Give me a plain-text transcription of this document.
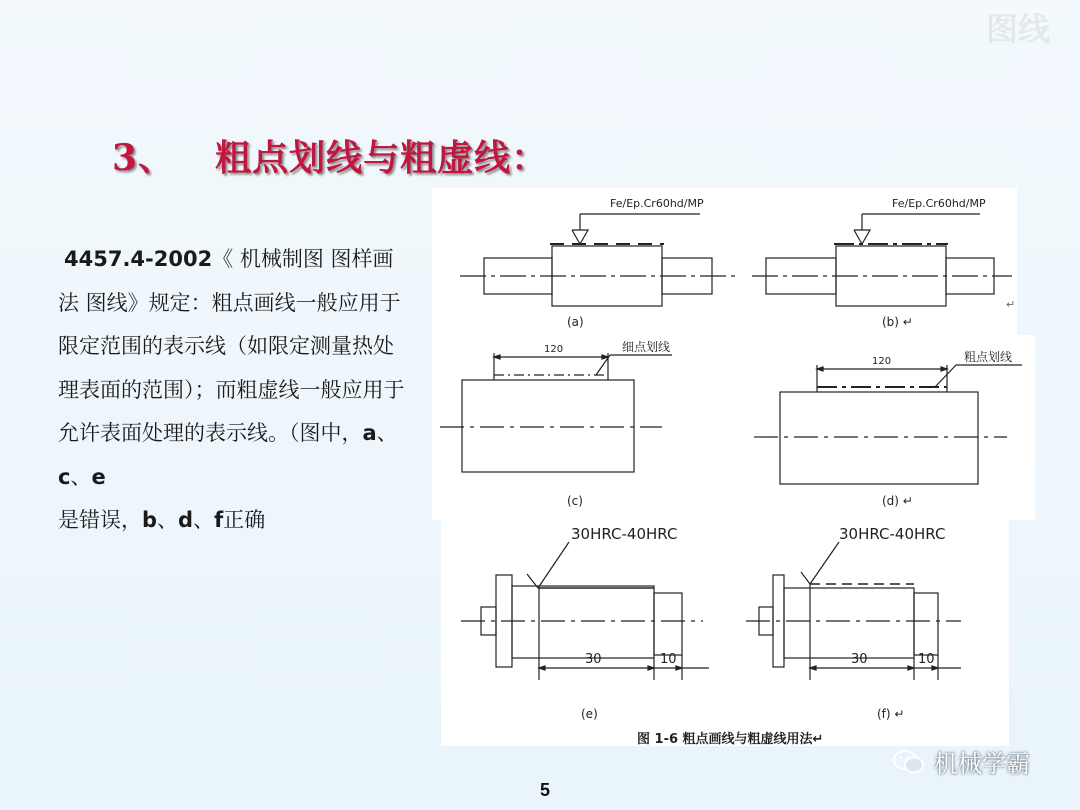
图线
3、 粗点划线与粗虚线：
4457.4-2002《 机械制图 图样画法 图线》规定：粗点画线一般应用于限定范围的表示线（如限定测量热处理表面的范围）；而粗虚线一般应用于允许表面处理的表示线。（图中，a、c、e
是错误，b、d、f正确
Fe/Ep.Cr60hd/MP	Fe/Ep.Cr60hd/MP
(a)	(b) ↵
↵
120
120
细点划线
粗点划线
(c)	(d) ↵
30HRC-40HRC	30HRC-40HRC
30	10	30	10
(e)	(f) ↵
图 1-6 粗点画线与粗虚线用法↵
5
机械学霸
